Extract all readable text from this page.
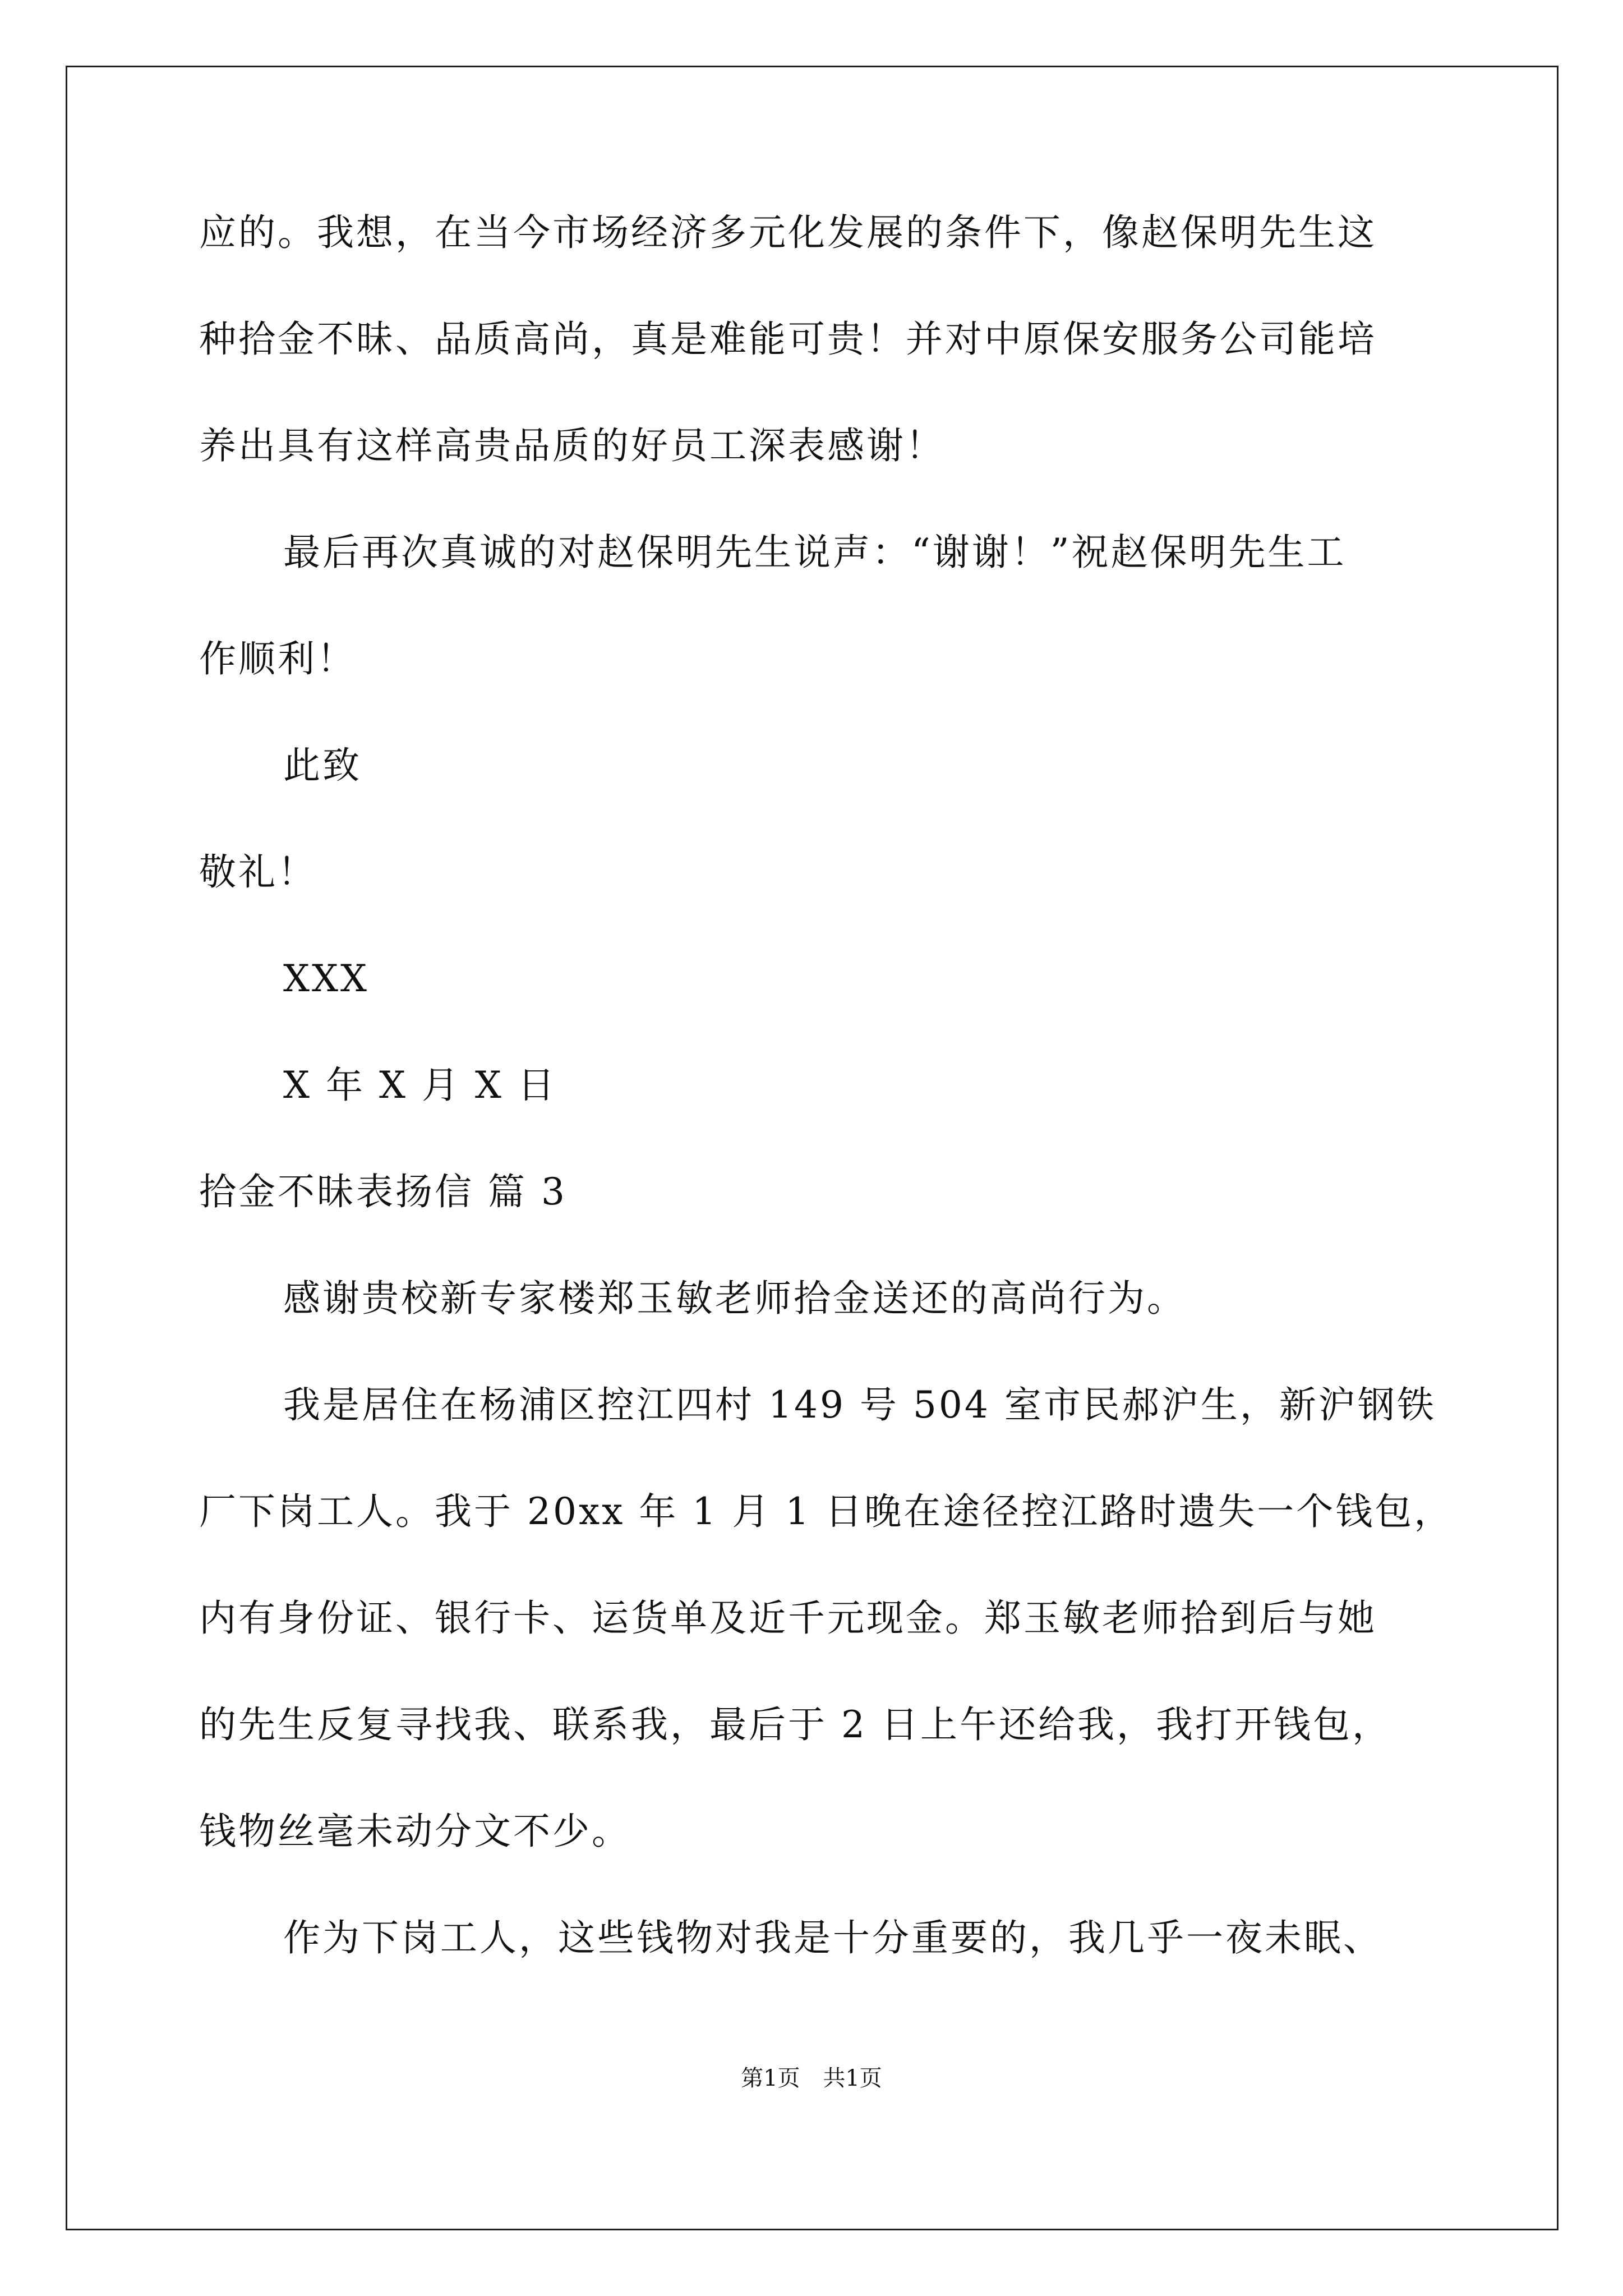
应的。我想，在当今市场经济多元化发展的条件下，像赵保明先生这
种拾金不昧、品质高尚，真是难能可贵！并对中原保安服务公司能培
养出具有这样高贵品质的好员工深表感谢！
最后再次真诚的对赵保明先生说声：“谢谢！”祝赵保明先生工
作顺利！
此致
敬礼！
XXX
X 年 X 月 X 日
拾金不昧表扬信 篇 3
感谢贵校新专家楼郑玉敏老师拾金送还的高尚行为。
我是居住在杨浦区控江四村 149 号 504 室市民郝沪生，新沪钢铁
厂下岗工人。我于 20xx 年 1 月 1 日晚在途径控江路时遗失一个钱包，
内有身份证、银行卡、运货单及近千元现金。郑玉敏老师拾到后与她
的先生反复寻找我、联系我，最后于 2 日上午还给我，我打开钱包，
钱物丝毫未动分文不少。
作为下岗工人，这些钱物对我是十分重要的，我几乎一夜未眠、
第1页 共1页
